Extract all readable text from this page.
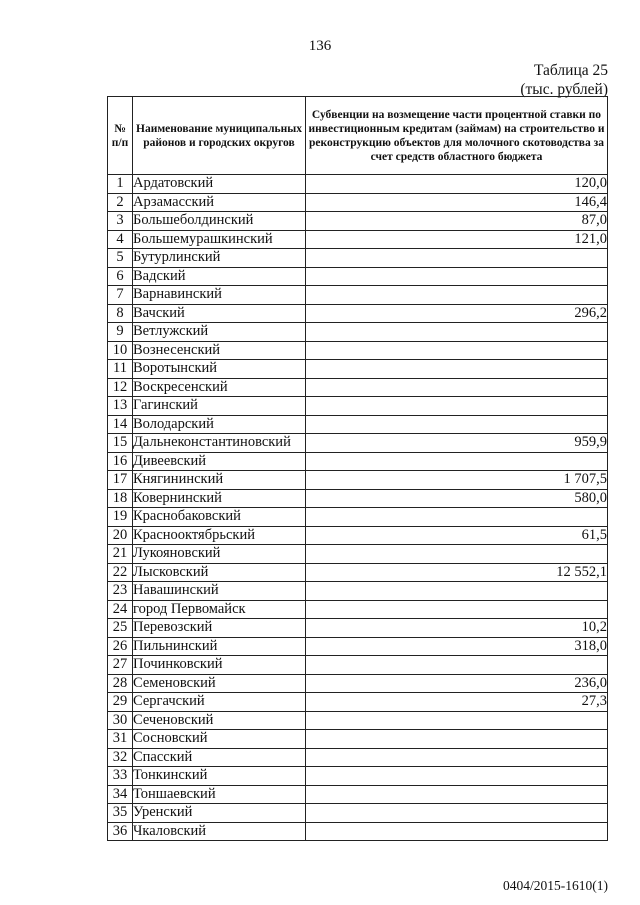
136
Таблица 25
(тыс. рублей)
№ п/п	Наименование муниципальных районов и городских округов	Субвенции на возмещение части процентной ставки по инвестиционным кредитам (займам) на строительство и реконструкцию объектов для молочного скотоводства за счет средств областного бюджета
1	Ардатовский	120,0
2	Арзамасский	146,4
3	Большеболдинский	87,0
4	Большемурашкинский	121,0
5	Бутурлинский	
6	Вадский	
7	Варнавинский	
8	Вачский	296,2
9	Ветлужский	
10	Вознесенский	
11	Воротынский	
12	Воскресенский	
13	Гагинский	
14	Володарский	
15	Дальнеконстантиновский	959,9
16	Дивеевский	
17	Княгининский	1 707,5
18	Ковернинский	580,0
19	Краснобаковский	
20	Краснооктябрьский	61,5
21	Лукояновский	
22	Лысковский	12 552,1
23	Навашинский	
24	город Первомайск	
25	Перевозский	10,2
26	Пильнинский	318,0
27	Починковский	
28	Семеновский	236,0
29	Сергачский	27,3
30	Сеченовский	
31	Сосновский	
32	Спасский	
33	Тонкинский	
34	Тоншаевский	
35	Уренский	
36	Чкаловский	
0404/2015-1610(1)
